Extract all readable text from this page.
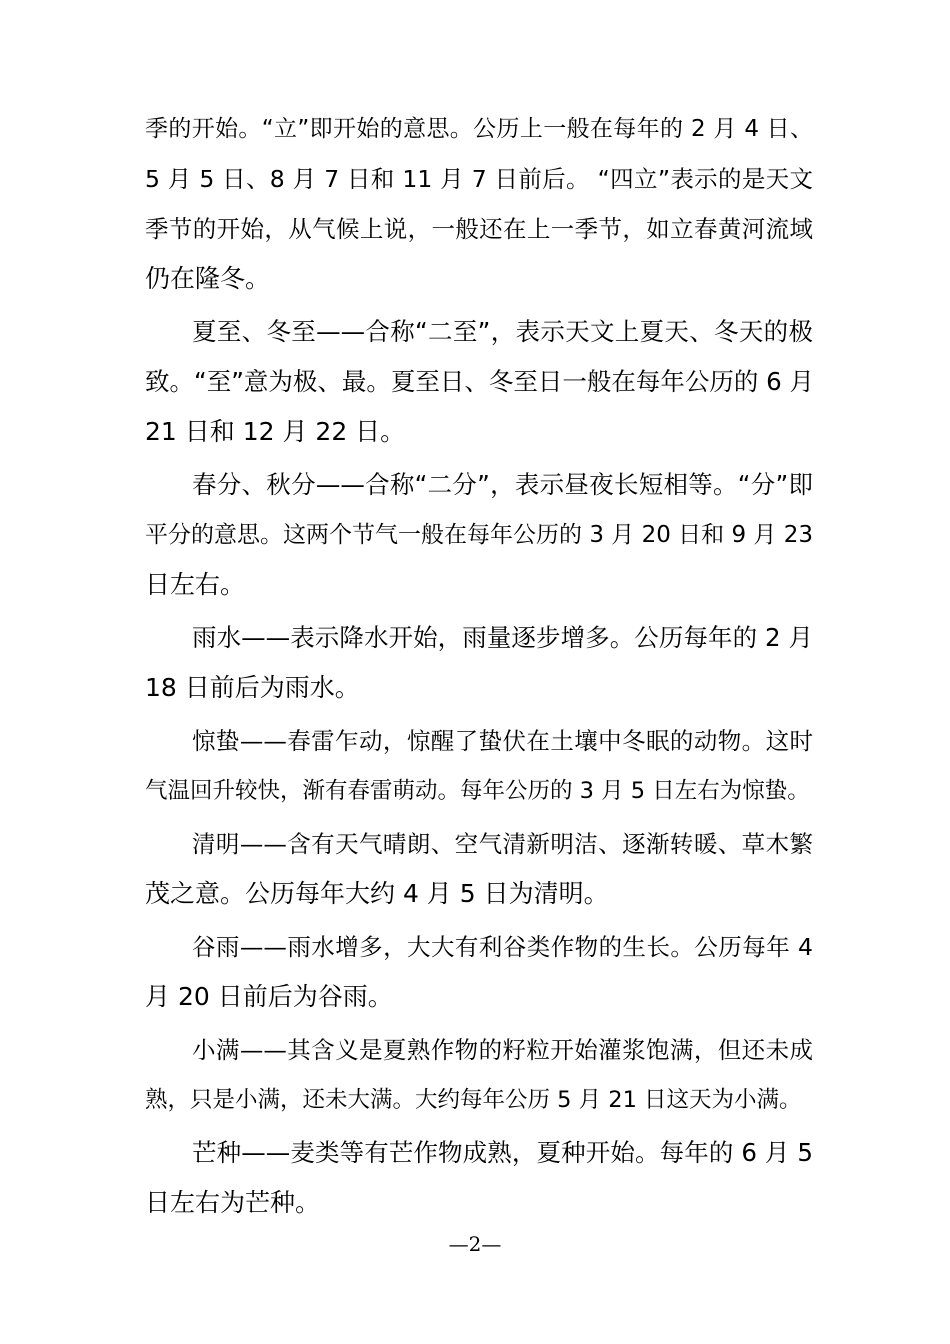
季的开始。“立”即开始的意思。公历上一般在每年的 2 月 4 日、
5 月 5 日、8 月 7 日和 11 月 7 日前后。 “四立”表示的是天文
季节的开始，从气候上说，一般还在上一季节，如立春黄河流域
仍在隆冬。

夏至、冬至——合称“二至”，表示天文上夏天、冬天的极
致。“至”意为极、最。夏至日、冬至日一般在每年公历的 6 月
21 日和 12 月 22 日。

春分、秋分——合称“二分”，表示昼夜长短相等。“分”即
平分的意思。这两个节气一般在每年公历的 3 月 20 日和 9 月 23
日左右。

雨水——表示降水开始，雨量逐步增多。公历每年的 2 月
18 日前后为雨水。

惊蛰——春雷乍动，惊醒了蛰伏在土壤中冬眠的动物。这时
气温回升较快，渐有春雷萌动。每年公历的 3 月 5 日左右为惊蛰。

清明——含有天气晴朗、空气清新明洁、逐渐转暖、草木繁
茂之意。公历每年大约 4 月 5 日为清明。

谷雨——雨水增多，大大有利谷类作物的生长。公历每年 4
月 20 日前后为谷雨。

小满——其含义是夏熟作物的籽粒开始灌浆饱满，但还未成
熟，只是小满，还未大满。大约每年公历 5 月 21 日这天为小满。

芒种——麦类等有芒作物成熟，夏种开始。每年的 6 月 5
日左右为芒种。

—2—
